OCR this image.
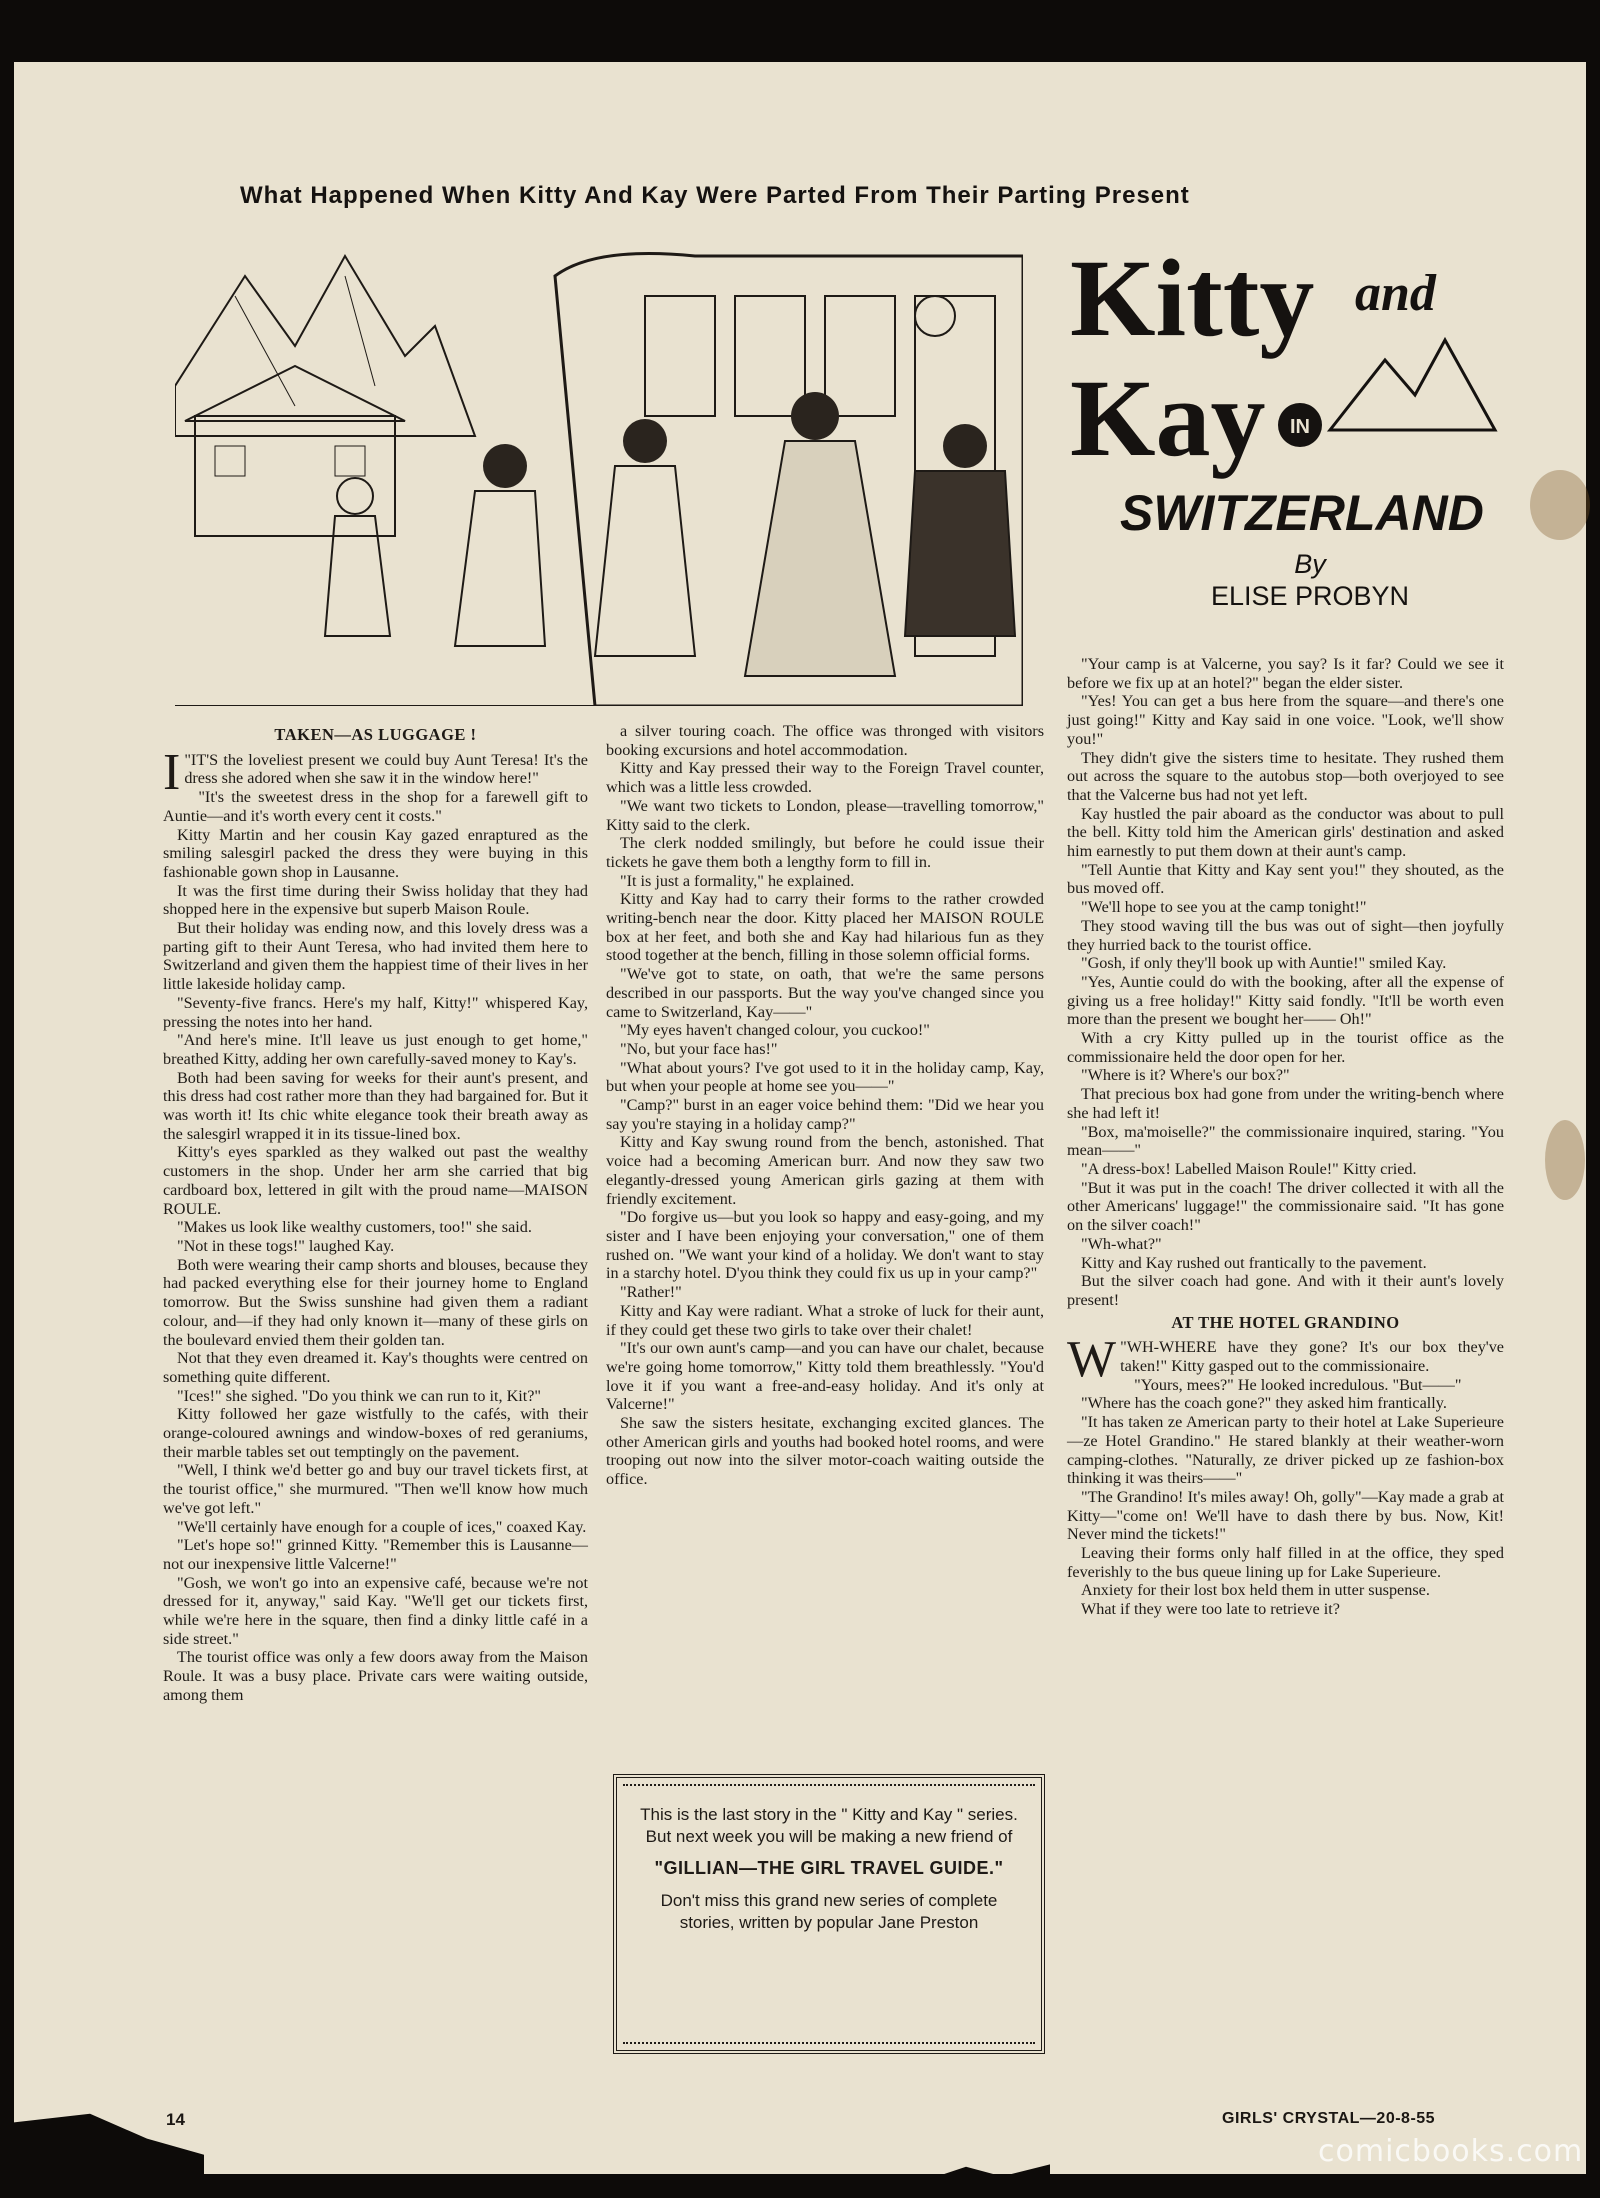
What Happened When Kitty And Kay Were Parted From Their Parting Present
Kitty and
Kay IN
SWITZERLAND
By
ELISE PROBYN
TAKEN—AS LUGGAGE !

I "IT'S the loveliest present we could buy Aunt Teresa! It's the dress she adored when she saw it in the window here!"

"It's the sweetest dress in the shop for a farewell gift to Auntie—and it's worth every cent it costs."

Kitty Martin and her cousin Kay gazed enraptured as the smiling salesgirl packed the dress they were buying in this fashionable gown shop in Lausanne.

It was the first time during their Swiss holiday that they had shopped here in the expensive but superb Maison Roule.

But their holiday was ending now, and this lovely dress was a parting gift to their Aunt Teresa, who had invited them here to Switzerland and given them the happiest time of their lives in her little lakeside holiday camp.

"Seventy-five francs. Here's my half, Kitty!" whispered Kay, pressing the notes into her hand.

"And here's mine. It'll leave us just enough to get home," breathed Kitty, adding her own carefully-saved money to Kay's.

Both had been saving for weeks for their aunt's present, and this dress had cost rather more than they had bargained for. But it was worth it! Its chic white elegance took their breath away as the salesgirl wrapped it in its tissue-lined box.

Kitty's eyes sparkled as they walked out past the wealthy customers in the shop. Under her arm she carried that big cardboard box, lettered in gilt with the proud name—MAISON ROULE.

"Makes us look like wealthy customers, too!" she said.

"Not in these togs!" laughed Kay.

Both were wearing their camp shorts and blouses, because they had packed everything else for their journey home to England tomorrow. But the Swiss sunshine had given them a radiant colour, and—if they had only known it—many of these girls on the boulevard envied them their golden tan.

Not that they even dreamed it. Kay's thoughts were centred on something quite different.

"Ices!" she sighed. "Do you think we can run to it, Kit?"

Kitty followed her gaze wistfully to the cafés, with their orange-coloured awnings and window-boxes of red geraniums, their marble tables set out temptingly on the pavement.

"Well, I think we'd better go and buy our travel tickets first, at the tourist office," she murmured. "Then we'll know how much we've got left."

"We'll certainly have enough for a couple of ices," coaxed Kay.

"Let's hope so!" grinned Kitty. "Remember this is Lausanne—not our inexpensive little Valcerne!"

"Gosh, we won't go into an expensive café, because we're not dressed for it, anyway," said Kay. "We'll get our tickets first, while we're here in the square, then find a dinky little café in a side street."

The tourist office was only a few doors away from the Maison Roule. It was a busy place. Private cars were waiting outside, among them

a silver touring coach. The office was thronged with visitors booking excursions and hotel accommodation.

Kitty and Kay pressed their way to the Foreign Travel counter, which was a little less crowded.

"We want two tickets to London, please—travelling tomorrow," Kitty said to the clerk.

The clerk nodded smilingly, but before he could issue their tickets he gave them both a lengthy form to fill in.

"It is just a formality," he explained.

Kitty and Kay had to carry their forms to the rather crowded writing-bench near the door. Kitty placed her MAISON ROULE box at her feet, and both she and Kay had hilarious fun as they stood together at the bench, filling in those solemn official forms.

"We've got to state, on oath, that we're the same persons described in our passports. But the way you've changed since you came to Switzerland, Kay——"

"My eyes haven't changed colour, you cuckoo!"

"No, but your face has!"

"What about yours? I've got used to it in the holiday camp, Kay, but when your people at home see you——"

"Camp?" burst in an eager voice behind them: "Did we hear you say you're staying in a holiday camp?"

Kitty and Kay swung round from the bench, astonished. That voice had a becoming American burr. And now they saw two elegantly-dressed young American girls gazing at them with friendly excitement.

"Do forgive us—but you look so happy and easy-going, and my sister and I have been enjoying your conversation," one of them rushed on. "We want your kind of a holiday. We don't want to stay in a starchy hotel. D'you think they could fix us up in your camp?"

"Rather!"

Kitty and Kay were radiant. What a stroke of luck for their aunt, if they could get these two girls to take over their chalet!

"It's our own aunt's camp—and you can have our chalet, because we're going home tomorrow," Kitty told them breathlessly. "You'd love it if you want a free-and-easy holiday. And it's only at Valcerne!"

She saw the sisters hesitate, exchanging excited glances. The other American girls and youths had booked hotel rooms, and were trooping out now into the silver motor-coach waiting outside the office.

This is the last story in the " Kitty and Kay " series. But next week you will be making a new friend of
"GILLIAN—THE GIRL TRAVEL GUIDE."
Don't miss this grand new series of complete stories, written by popular Jane Preston

"Your camp is at Valcerne, you say? Is it far? Could we see it before we fix up at an hotel?" began the elder sister.

"Yes! You can get a bus here from the square—and there's one just going!" Kitty and Kay said in one voice. "Look, we'll show you!"

They didn't give the sisters time to hesitate. They rushed them out across the square to the autobus stop—both overjoyed to see that the Valcerne bus had not yet left.

Kay hustled the pair aboard as the conductor was about to pull the bell. Kitty told him the American girls' destination and asked him earnestly to put them down at their aunt's camp.

"Tell Auntie that Kitty and Kay sent you!" they shouted, as the bus moved off.

"We'll hope to see you at the camp tonight!"

They stood waving till the bus was out of sight—then joyfully they hurried back to the tourist office.

"Gosh, if only they'll book up with Auntie!" smiled Kay.

"Yes, Auntie could do with the booking, after all the expense of giving us a free holiday!" Kitty said fondly. "It'll be worth even more than the present we bought her—— Oh!"

With a cry Kitty pulled up in the tourist office as the commissionaire held the door open for her.

"Where is it? Where's our box?"

That precious box had gone from under the writing-bench where she had left it!

"Box, ma'moiselle?" the commissionaire inquired, staring. "You mean——"

"A dress-box! Labelled Maison Roule!" Kitty cried.

"But it was put in the coach! The driver collected it with all the other Americans' luggage!" the commissionaire said. "It has gone on the silver coach!"

"Wh-what?"

Kitty and Kay rushed out frantically to the pavement.

But the silver coach had gone. And with it their aunt's lovely present!

AT THE HOTEL GRANDINO

W "WH-WHERE have they gone? It's our box they've taken!" Kitty gasped out to the commissionaire.

"Yours, mees?" He looked incredulous. "But——"

"Where has the coach gone?" they asked him frantically.

"It has taken ze American party to their hotel at Lake Superieure—ze Hotel Grandino." He stared blankly at their weather-worn camping-clothes. "Naturally, ze driver picked up ze fashion-box thinking it was theirs——"

"The Grandino! It's miles away! Oh, golly"—Kay made a grab at Kitty—"come on! We'll have to dash there by bus. Now, Kit! Never mind the tickets!"

Leaving their forms only half filled in at the office, they sped feverishly to the bus queue lining up for Lake Superieure.

Anxiety for their lost box held them in utter suspense.

What if they were too late to retrieve it?

14	GIRLS' CRYSTAL—20-8-55
comicbooks.com
